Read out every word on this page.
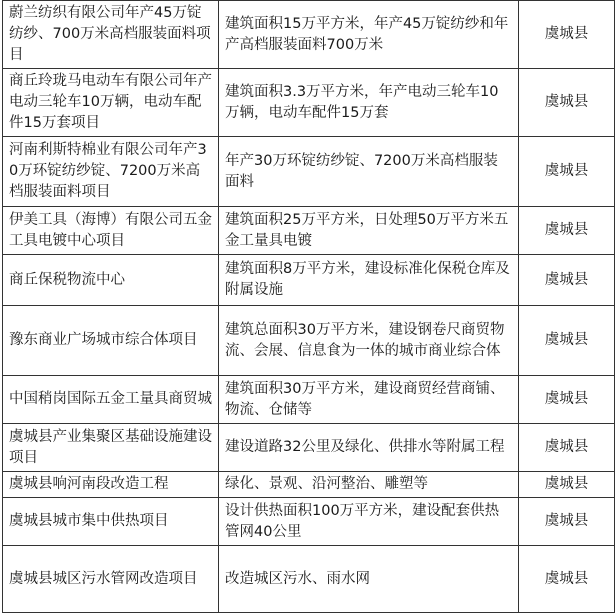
蔚兰纺织有限公司年产45万锭纺纱、700万米高档服装面料项目	建筑面积15万平方米，年产45万锭纺纱和年产高档服装面料700万米	虞城县
商丘玲珑马电动车有限公司年产电动三轮车10万辆，电动车配件15万套项目	建筑面积3.3万平方米，年产电动三轮车10万辆，电动车配件15万套	虞城县
河南利斯特棉业有限公司年产30万环锭纺纱锭、7200万米高档服装面料项目	年产30万环锭纺纱锭、7200万米高档服装面料	虞城县
伊美工具（海博）有限公司五金工具电镀中心项目	建筑面积25万平方米，日处理50万平方米五金工量具电镀	虞城县
商丘保税物流中心	建筑面积8万平方米，建设标准化保税仓库及附属设施	虞城县
豫东商业广场城市综合体项目	建筑总面积30万平方米，建设钢卷尺商贸物流、会展、信息食为一体的城市商业综合体	虞城县
中国稍岗国际五金工量具商贸城	建筑面积30万平方米，建设商贸经营商铺、物流、仓储等	虞城县
虞城县产业集聚区基础设施建设项目	建设道路32公里及绿化、供排水等附属工程	虞城县
虞城县响河南段改造工程	绿化、景观、沿河整治、雕塑等	虞城县
虞城县城市集中供热项目	设计供热面积100万平方米，建设配套供热管网40公里	虞城县
虞城县城区污水管网改造项目	改造城区污水、雨水网	虞城县
